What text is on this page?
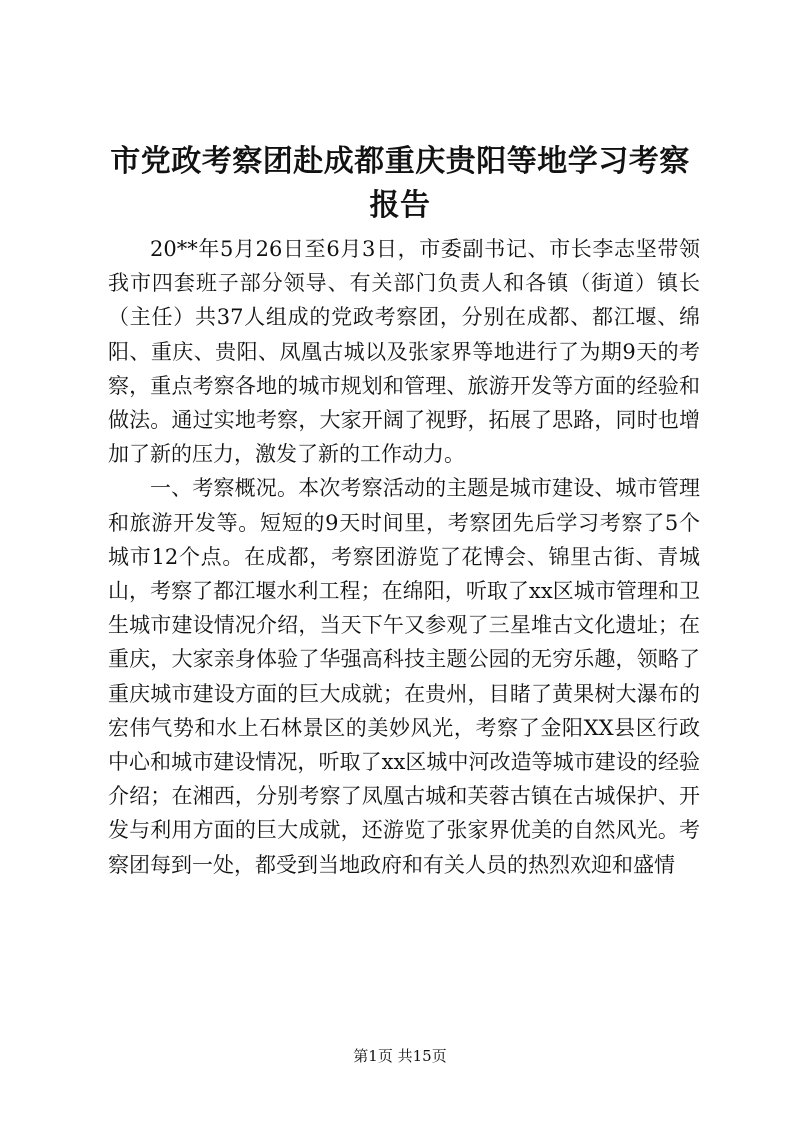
市党政考察团赴成都重庆贵阳等地学习考察报告

20**年5月26日至6月3日，市委副书记、市长李志坚带领我市四套班子部分领导、有关部门负责人和各镇（街道）镇长（主任）共37人组成的党政考察团，分别在成都、都江堰、绵阳、重庆、贵阳、凤凰古城以及张家界等地进行了为期9天的考察，重点考察各地的城市规划和管理、旅游开发等方面的经验和做法。通过实地考察，大家开阔了视野，拓展了思路，同时也增加了新的压力，激发了新的工作动力。

一、考察概况。本次考察活动的主题是城市建设、城市管理和旅游开发等。短短的9天时间里，考察团先后学习考察了5个城市12个点。在成都，考察团游览了花博会、锦里古街、青城山，考察了都江堰水利工程；在绵阳，听取了xx区城市管理和卫生城市建设情况介绍，当天下午又参观了三星堆古文化遗址；在重庆，大家亲身体验了华强高科技主题公园的无穷乐趣，领略了重庆城市建设方面的巨大成就；在贵州，目睹了黄果树大瀑布的宏伟气势和水上石林景区的美妙风光，考察了金阳XX县区行政中心和城市建设情况，听取了xx区城中河改造等城市建设的经验介绍；在湘西，分别考察了凤凰古城和芙蓉古镇在古城保护、开发与利用方面的巨大成就，还游览了张家界优美的自然风光。考察团每到一处，都受到当地政府和有关人员的热烈欢迎和盛情

第1页 共15页
